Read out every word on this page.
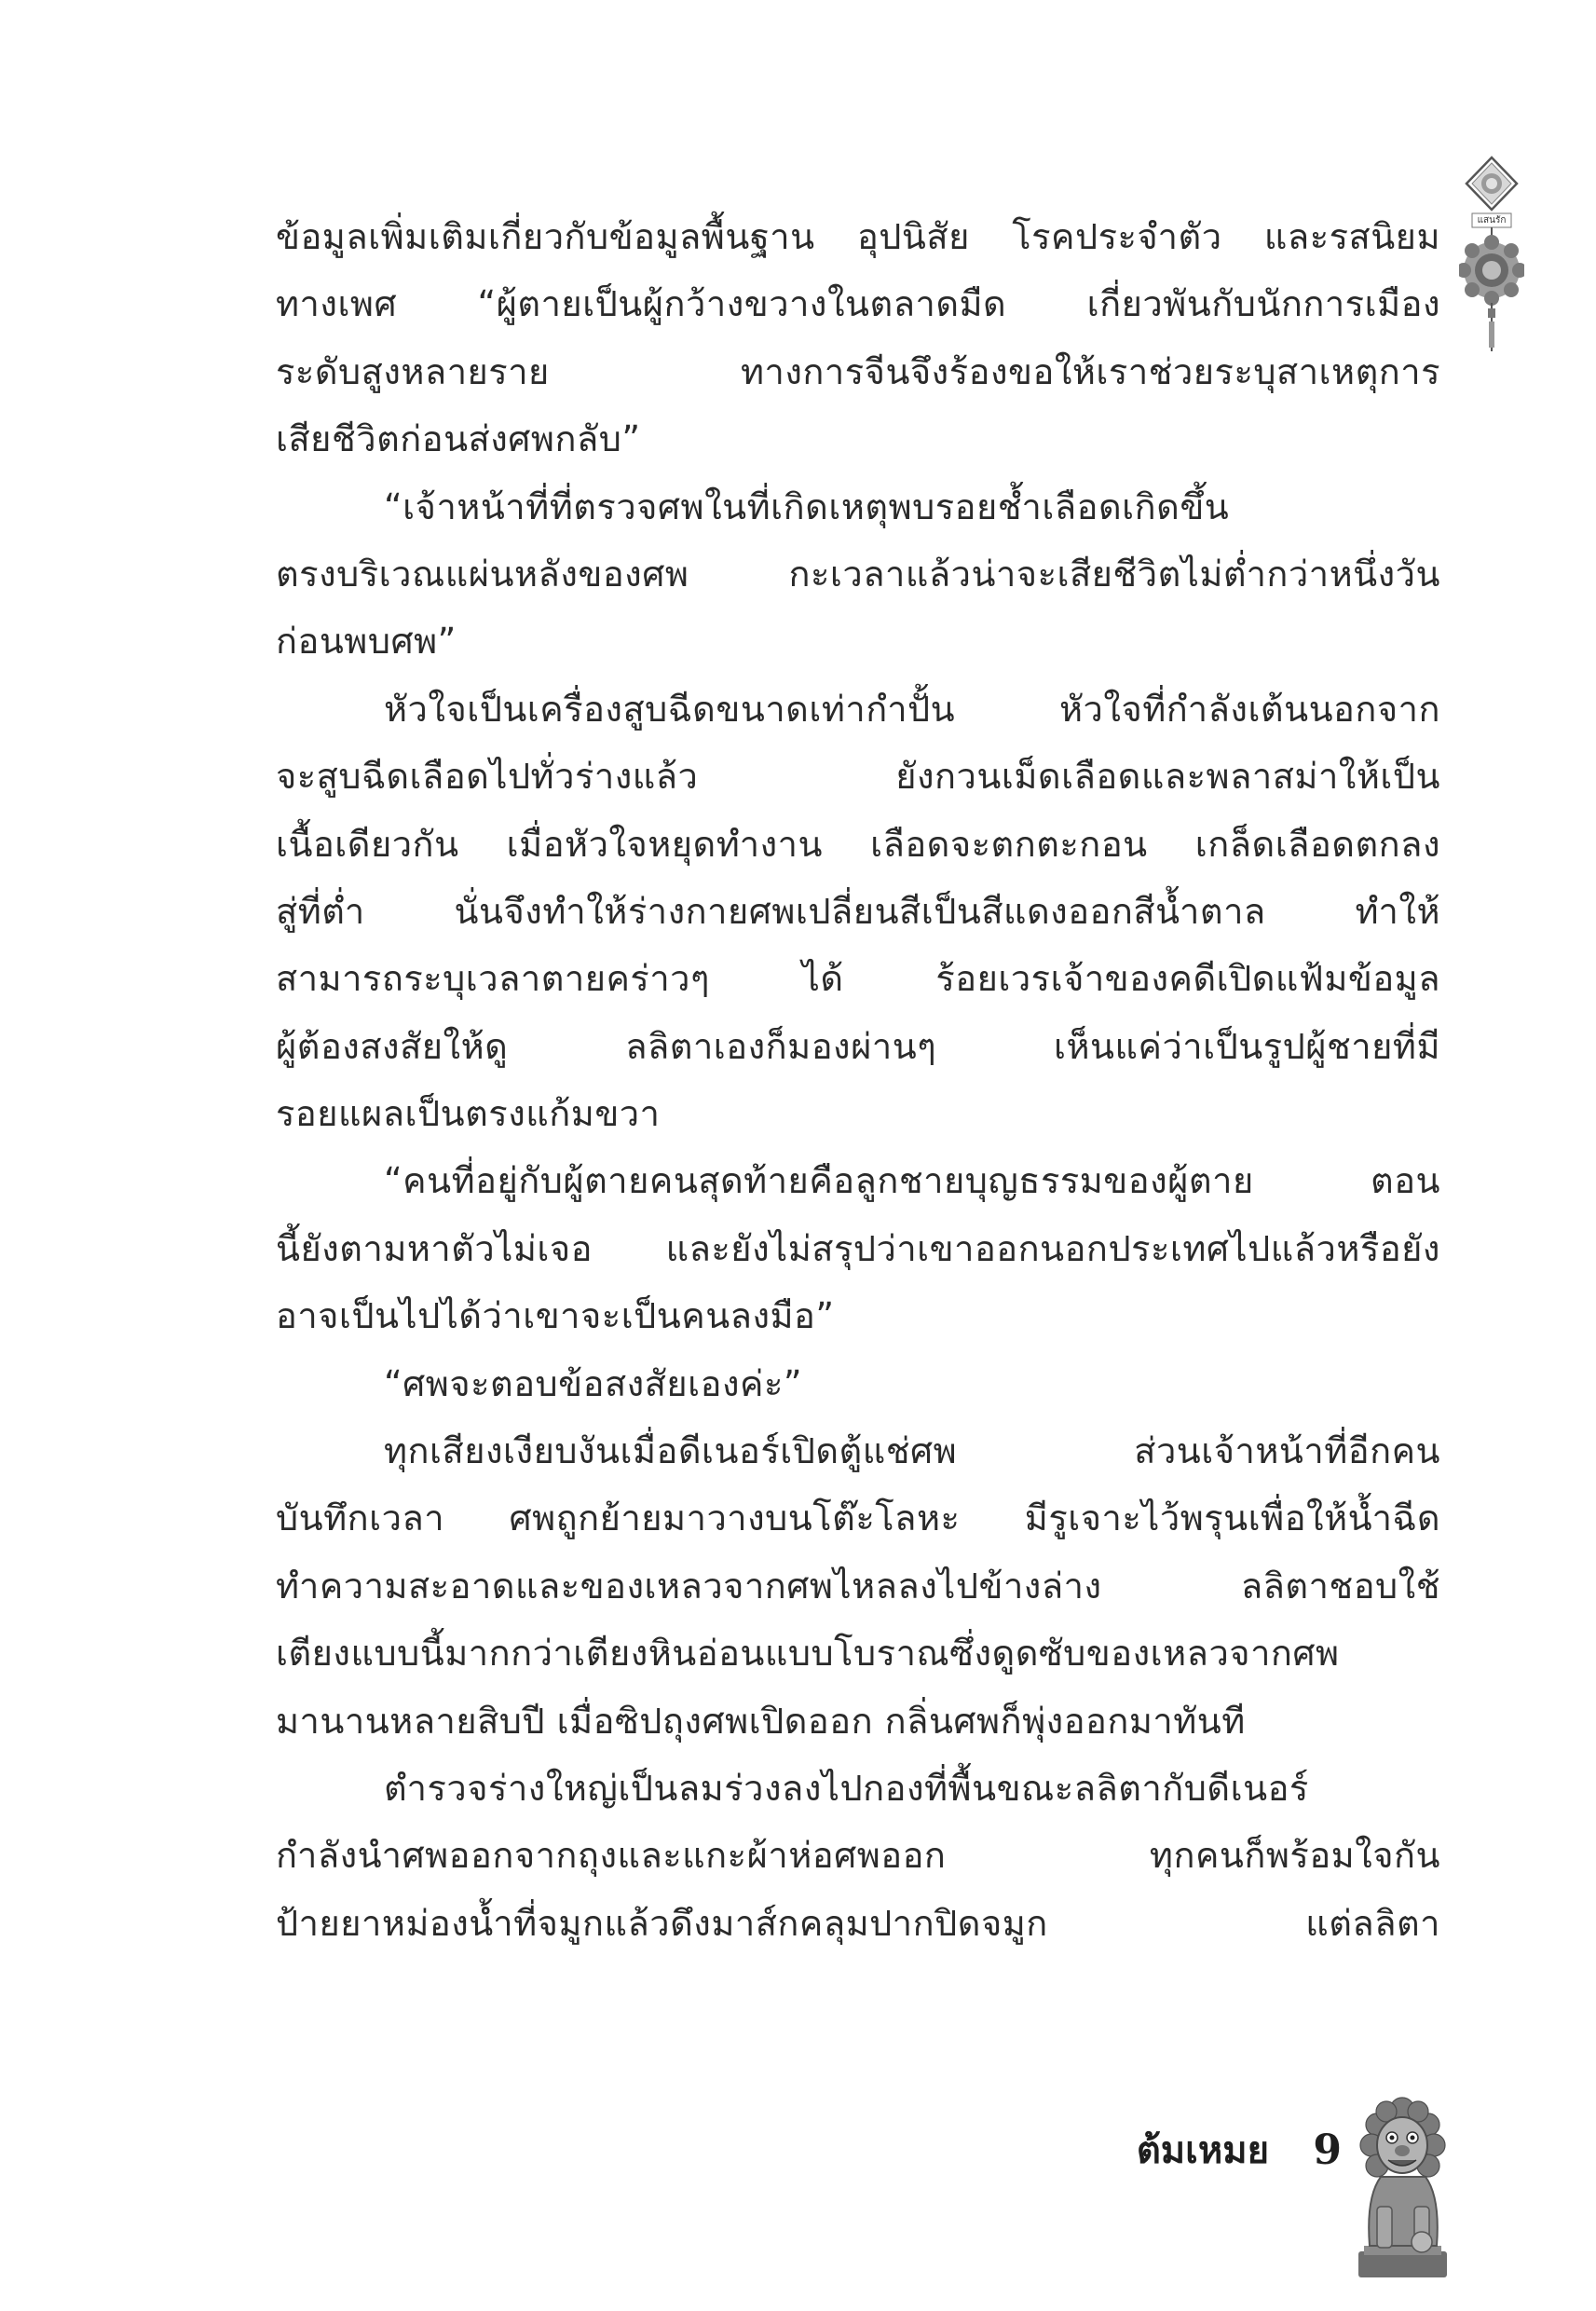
แสนรัก
ข้อมูลเพิ่มเติมเกี่ยวกับข้อมูลพื้นฐาน อุปนิสัย โรคประจำตัว และรสนิยม
ทางเพศ “ผู้ตายเป็นผู้กว้างขวางในตลาดมืด เกี่ยวพันกับนักการเมือง
ระดับสูงหลายราย ทางการจีนจึงร้องขอให้เราช่วยระบุสาเหตุการ
เสียชีวิตก่อนส่งศพกลับ”
“เจ้าหน้าที่ที่ตรวจศพในที่เกิดเหตุพบรอยช้ำเลือดเกิดขึ้น
ตรงบริเวณแผ่นหลังของศพ กะเวลาแล้วน่าจะเสียชีวิตไม่ต่ำกว่าหนึ่งวัน
ก่อนพบศพ”
หัวใจเป็นเครื่องสูบฉีดขนาดเท่ากำปั้น หัวใจที่กำลังเต้นนอกจาก
จะสูบฉีดเลือดไปทั่วร่างแล้ว ยังกวนเม็ดเลือดและพลาสม่าให้เป็น
เนื้อเดียวกัน เมื่อหัวใจหยุดทำงาน เลือดจะตกตะกอน เกล็ดเลือดตกลง
สู่ที่ต่ำ นั่นจึงทำให้ร่างกายศพเปลี่ยนสีเป็นสีแดงออกสีน้ำตาล ทำให้
สามารถระบุเวลาตายคร่าวๆ ได้ ร้อยเวรเจ้าของคดีเปิดแฟ้มข้อมูล
ผู้ต้องสงสัยให้ดู ลลิตาเองก็มองผ่านๆ เห็นแค่ว่าเป็นรูปผู้ชายที่มี
รอยแผลเป็นตรงแก้มขวา
“คนที่อยู่กับผู้ตายคนสุดท้ายคือลูกชายบุญธรรมของผู้ตาย ตอน
นี้ยังตามหาตัวไม่เจอ และยังไม่สรุปว่าเขาออกนอกประเทศไปแล้วหรือยัง
อาจเป็นไปได้ว่าเขาจะเป็นคนลงมือ”
“ศพจะตอบข้อสงสัยเองค่ะ”
ทุกเสียงเงียบงันเมื่อดีเนอร์เปิดตู้แช่ศพ ส่วนเจ้าหน้าที่อีกคน
บันทึกเวลา ศพถูกย้ายมาวางบนโต๊ะโลหะ มีรูเจาะไว้พรุนเพื่อให้น้ำฉีด
ทำความสะอาดและของเหลวจากศพไหลลงไปข้างล่าง ลลิตาชอบใช้
เตียงแบบนี้มากกว่าเตียงหินอ่อนแบบโบราณซึ่งดูดซับของเหลวจากศพ
มานานหลายสิบปี เมื่อซิปถุงศพเปิดออก กลิ่นศพก็พุ่งออกมาทันที
ตำรวจร่างใหญ่เป็นลมร่วงลงไปกองที่พื้นขณะลลิตากับดีเนอร์
กำลังนำศพออกจากถุงและแกะผ้าห่อศพออก ทุกคนก็พร้อมใจกัน
ป้ายยาหม่องน้ำที่จมูกแล้วดึงมาส์กคลุมปากปิดจมูก แต่ลลิตา
ต้มเหมย 9
